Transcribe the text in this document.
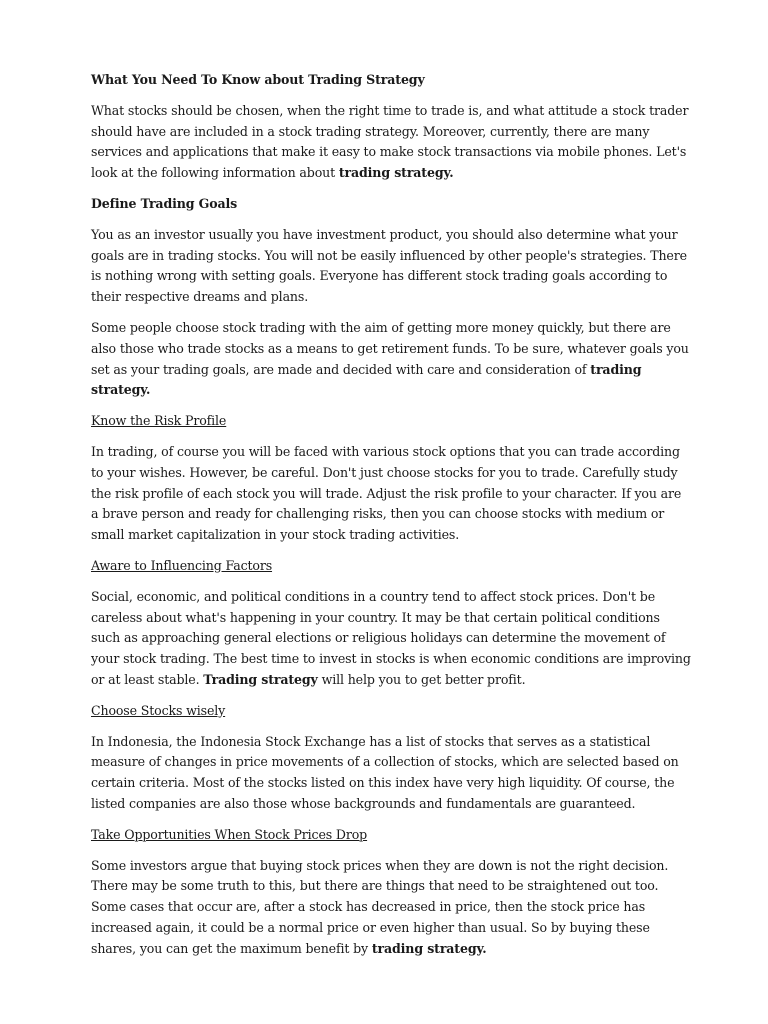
What You Need To Know about Trading Strategy

What stocks should be chosen, when the right time to trade is, and what attitude a stock trader should have are included in a stock trading strategy. Moreover, currently, there are many services and applications that make it easy to make stock transactions via mobile phones. Let's look at the following information about trading strategy.

Define Trading Goals

You as an investor usually you have investment product, you should also determine what your goals are in trading stocks. You will not be easily influenced by other people's strategies. There is nothing wrong with setting goals. Everyone has different stock trading goals according to their respective dreams and plans.

Some people choose stock trading with the aim of getting more money quickly, but there are also those who trade stocks as a means to get retirement funds. To be sure, whatever goals you set as your trading goals, are made and decided with care and consideration of trading strategy.

Know the Risk Profile

In trading, of course you will be faced with various stock options that you can trade according to your wishes. However, be careful. Don't just choose stocks for you to trade. Carefully study the risk profile of each stock you will trade. Adjust the risk profile to your character. If you are a brave person and ready for challenging risks, then you can choose stocks with medium or small market capitalization in your stock trading activities.

Aware to Influencing Factors

Social, economic, and political conditions in a country tend to affect stock prices. Don't be careless about what's happening in your country. It may be that certain political conditions such as approaching general elections or religious holidays can determine the movement of your stock trading. The best time to invest in stocks is when economic conditions are improving or at least stable. Trading strategy will help you to get better profit.

Choose Stocks wisely

In Indonesia, the Indonesia Stock Exchange has a list of stocks that serves as a statistical measure of changes in price movements of a collection of stocks, which are selected based on certain criteria. Most of the stocks listed on this index have very high liquidity. Of course, the listed companies are also those whose backgrounds and fundamentals are guaranteed.

Take Opportunities When Stock Prices Drop

Some investors argue that buying stock prices when they are down is not the right decision. There may be some truth to this, but there are things that need to be straightened out too. Some cases that occur are, after a stock has decreased in price, then the stock price has increased again, it could be a normal price or even higher than usual. So by buying these shares, you can get the maximum benefit by trading strategy.
